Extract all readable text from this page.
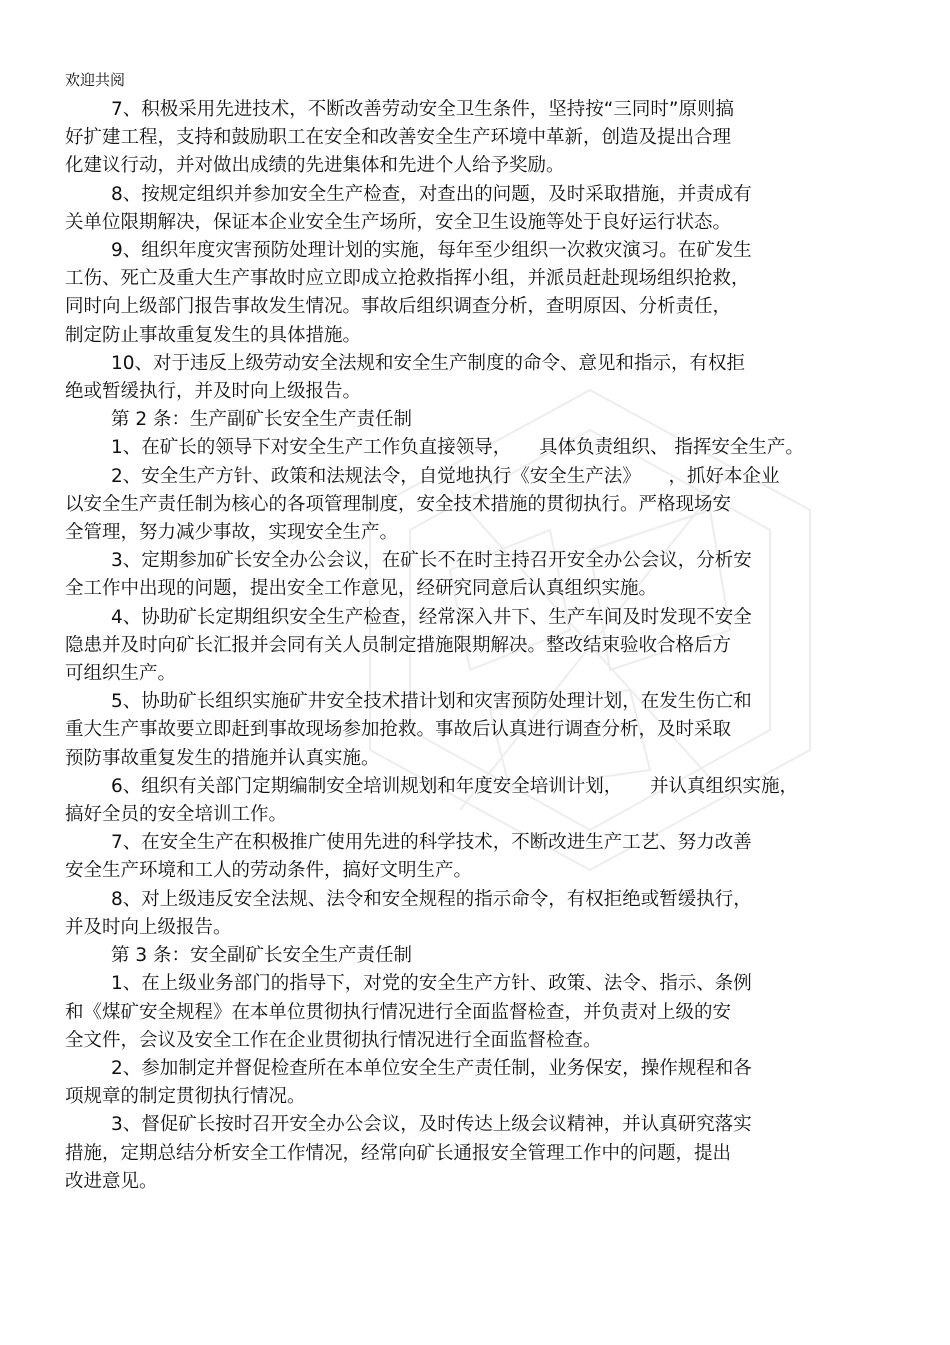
欢迎共阅

7、积极采用先进技术，不断改善劳动安全卫生条件，坚持按“三同时”原则搞

好扩建工程，支持和鼓励职工在安全和改善安全生产环境中革新，创造及提出合理

化建议行动，并对做出成绩的先进集体和先进个人给予奖励。

8、按规定组织并参加安全生产检查，对查出的问题，及时采取措施，并责成有

关单位限期解决，保证本企业安全生产场所，安全卫生设施等处于良好运行状态。

9、组织年度灾害预防处理计划的实施，每年至少组织一次救灾演习。在矿发生

工伤、死亡及重大生产事故时应立即成立抢救指挥小组，并派员赶赴现场组织抢救，

同时向上级部门报告事故发生情况。事故后组织调查分析，查明原因、分析责任，

制定防止事故重复发生的具体措施。

10、对于违反上级劳动安全法规和安全生产制度的命令、意见和指示，有权拒

绝或暂缓执行，并及时向上级报告。

第 2 条：生产副矿长安全生产责任制

1、在矿长的领导下对安全生产工作负直接领导，　　具体负责组织、 指挥安全生产。

2、安全生产方针、政策和法规法令，自觉地执行《安全生产法》　　，抓好本企业

以安全生产责任制为核心的各项管理制度，安全技术措施的贯彻执行。严格现场安

全管理，努力减少事故，实现安全生产。

3、定期参加矿长安全办公会议，在矿长不在时主持召开安全办公会议，分析安

全工作中出现的问题，提出安全工作意见，经研究同意后认真组织实施。

4、协助矿长定期组织安全生产检查，经常深入井下、生产车间及时发现不安全

隐患并及时向矿长汇报并会同有关人员制定措施限期解决。整改结束验收合格后方

可组织生产。

5、协助矿长组织实施矿井安全技术措计划和灾害预防处理计划，在发生伤亡和

重大生产事故要立即赶到事故现场参加抢救。事故后认真进行调查分析，及时采取

预防事故重复发生的措施并认真实施。

6、组织有关部门定期编制安全培训规划和年度安全培训计划，　　并认真组织实施，

搞好全员的安全培训工作。

7、在安全生产在积极推广使用先进的科学技术，不断改进生产工艺、努力改善

安全生产环境和工人的劳动条件，搞好文明生产。

8、对上级违反安全法规、法令和安全规程的指示命令，有权拒绝或暂缓执行，

并及时向上级报告。

第 3 条：安全副矿长安全生产责任制

1、在上级业务部门的指导下，对党的安全生产方针、政策、法令、指示、条例

和《煤矿安全规程》在本单位贯彻执行情况进行全面监督检查，并负责对上级的安

全文件，会议及安全工作在企业贯彻执行情况进行全面监督检查。

2、参加制定并督促检查所在本单位安全生产责任制，业务保安，操作规程和各

项规章的制定贯彻执行情况。

3、督促矿长按时召开安全办公会议，及时传达上级会议精神，并认真研究落实

措施，定期总结分析安全工作情况，经常向矿长通报安全管理工作中的问题，提出

改进意见。
